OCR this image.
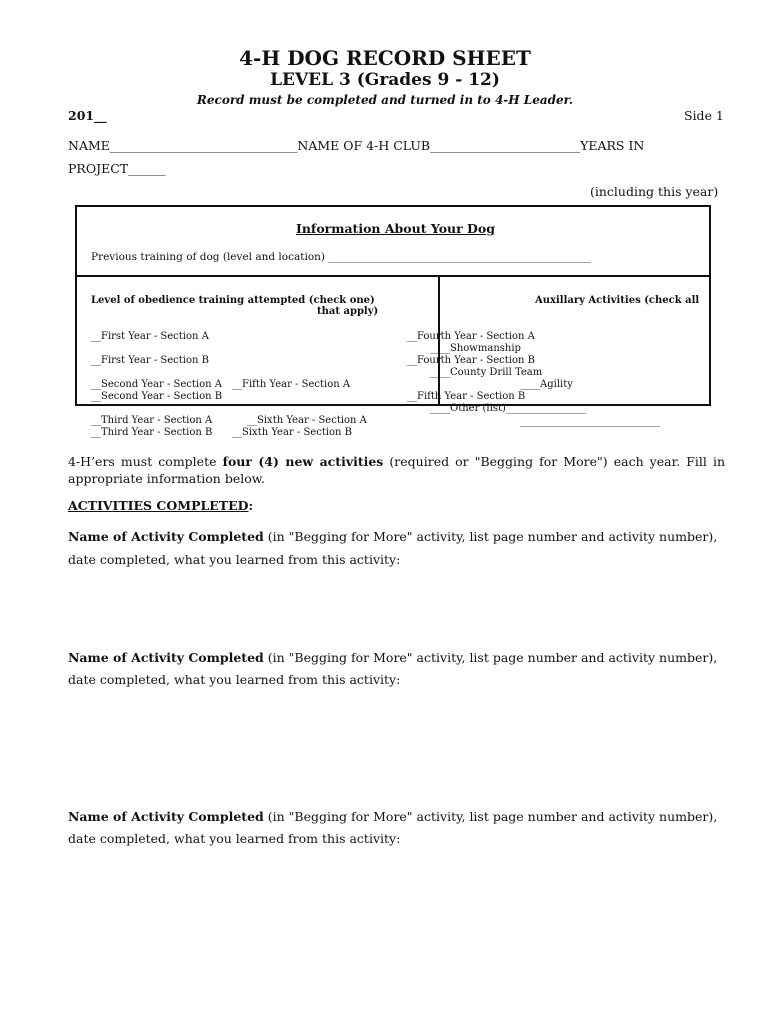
4-H DOG RECORD SHEET
LEVEL 3 (Grades 9 - 12)
Record must be completed and turned in to 4-H Leader.
201__	Side 1
NAME______________________________NAME OF 4-H CLUB________________________YEARS IN
PROJECT______
(including this year)
Information About Your Dog
Previous training of dog (level and location) __________________________________________________
Level of obedience training attempted (check one)
that apply)
Auxillary Activities (check all
__First Year - Section A
__First Year - Section B
__Second Year - Section A __Fifth Year - Section A
__Second Year - Section B
__Third Year - Section A	__Sixth Year - Section A
__Third Year - Section B __Sixth Year - Section B
__Fourth Year - Section A
____Showmanship
__Fourth Year - Section B
____County Drill Team
____Agility
__Fifth Year - Section B
____Other (list)________________
____________________________
4-H’ers must complete four (4) new activities (required or "Begging for More") each year. Fill in appropriate information below.
ACTIVITIES COMPLETED:
Name of Activity Completed (in "Begging for More" activity, list page number and activity number),
date completed, what you learned from this activity:
Name of Activity Completed (in "Begging for More" activity, list page number and activity number),
date completed, what you learned from this activity:
Name of Activity Completed (in "Begging for More" activity, list page number and activity number),
date completed, what you learned from this activity:
